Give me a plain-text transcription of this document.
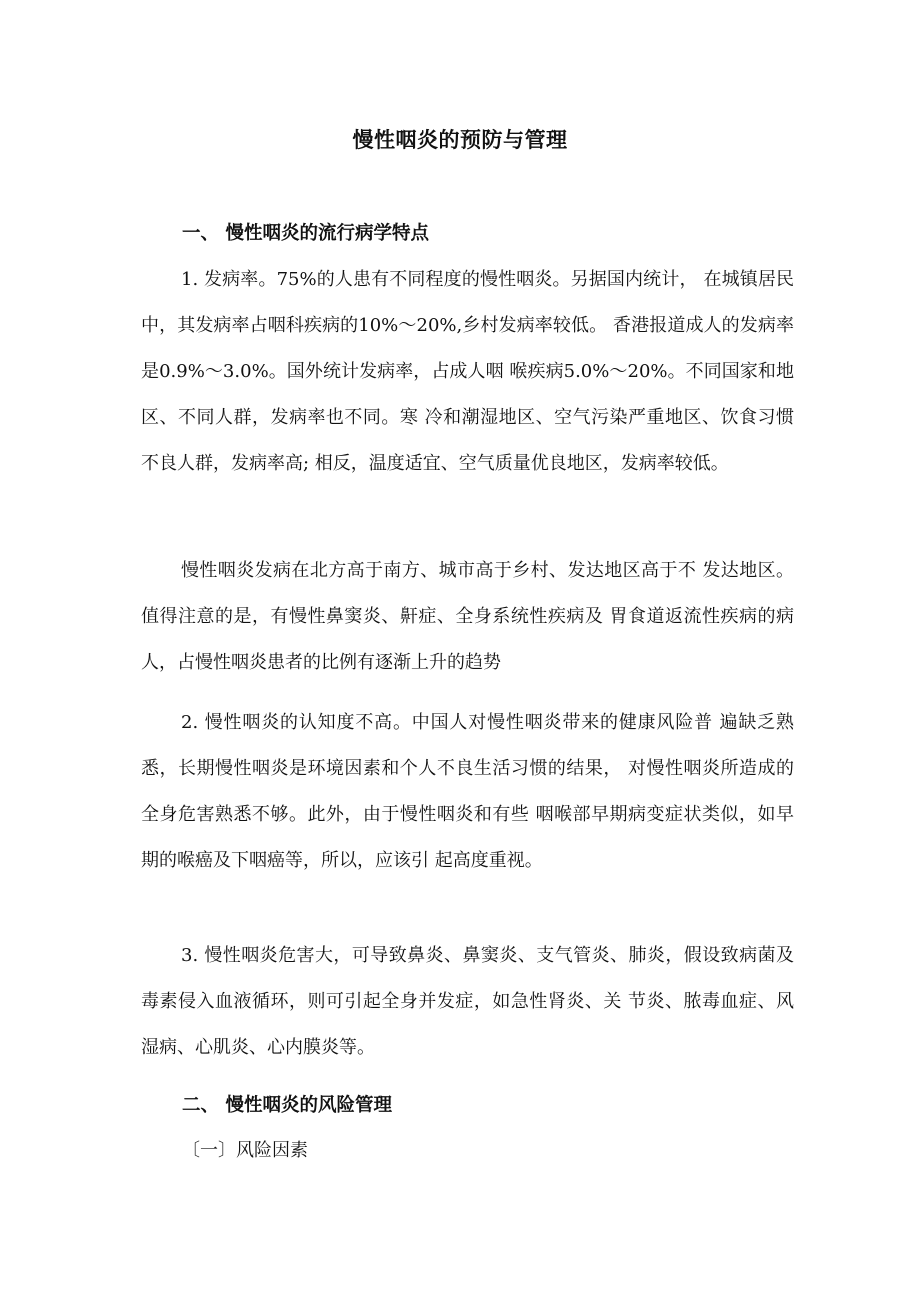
慢性咽炎的预防与管理
一、 慢性咽炎的流行病学特点

1. 发病率。75%的人患有不同程度的慢性咽炎。另据国内统计， 在城镇居民中，其发病率占咽科疾病的10%～20%,乡村发病率较低。 香港报道成人的发病率是0.9%～3.0%。国外统计发病率，占成人咽 喉疾病5.0%～20%。不同国家和地区、不同人群，发病率也不同。寒 冷和潮湿地区、空气污染严重地区、饮食习惯不良人群，发病率高; 相反，温度适宜、空气质量优良地区，发病率较低。

慢性咽炎发病在北方高于南方、城市高于乡村、发达地区高于不 发达地区。值得注意的是，有慢性鼻窦炎、鼾症、全身系统性疾病及 胃食道返流性疾病的病人，占慢性咽炎患者的比例有逐渐上升的趋势

2. 慢性咽炎的认知度不高。中国人对慢性咽炎带来的健康风险普 遍缺乏熟悉，长期慢性咽炎是环境因素和个人不良生活习惯的结果， 对慢性咽炎所造成的全身危害熟悉不够。此外，由于慢性咽炎和有些 咽喉部早期病变症状类似，如早期的喉癌及下咽癌等，所以，应该引 起高度重视。

3. 慢性咽炎危害大，可导致鼻炎、鼻窦炎、支气管炎、肺炎，假设致病菌及毒素侵入血液循环，则可引起全身并发症，如急性肾炎、关 节炎、脓毒血症、风湿病、心肌炎、心内膜炎等。

二、 慢性咽炎的风险管理
〔一〕风险因素
